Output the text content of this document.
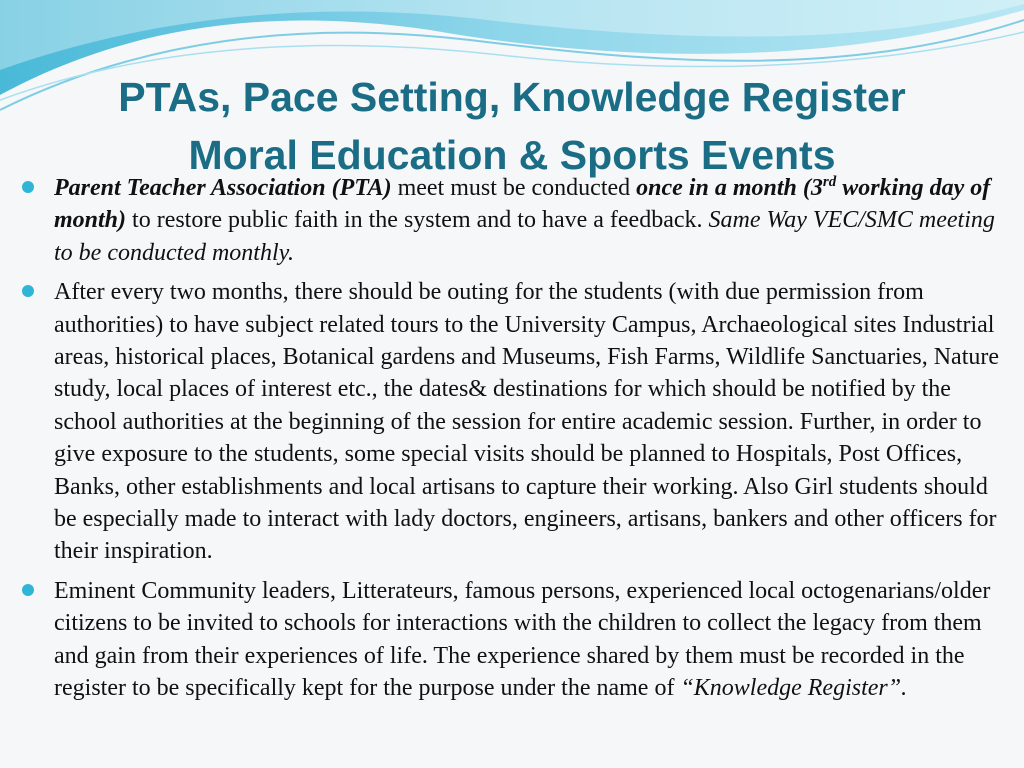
PTAs, Pace Setting, Knowledge Register
Moral Education & Sports Events
Parent Teacher Association (PTA) meet must be conducted once in a month (3rd working day of month) to restore public faith in the system and to have a feedback. Same Way VEC/SMC meeting to be conducted monthly.
After every two months, there should be outing for the students (with due permission from authorities) to have subject related tours to the University Campus, Archaeological sites Industrial areas, historical places, Botanical gardens and Museums, Fish Farms, Wildlife Sanctuaries, Nature study, local places of interest etc., the dates& destinations for which should be notified by the school authorities at the beginning of the session for entire academic session. Further, in order to give exposure to the students, some special visits should be planned to Hospitals, Post Offices, Banks, other establishments and local artisans to capture their working. Also Girl students should be especially made to interact with lady doctors, engineers, artisans, bankers and other officers for their inspiration.
Eminent Community leaders, Litterateurs, famous persons, experienced local octogenarians/older citizens to be invited to schools for interactions with the children to collect the legacy from them and gain from their experiences of life. The experience shared by them must be recorded in the register to be specifically kept for the purpose under the name of “Knowledge Register”.
